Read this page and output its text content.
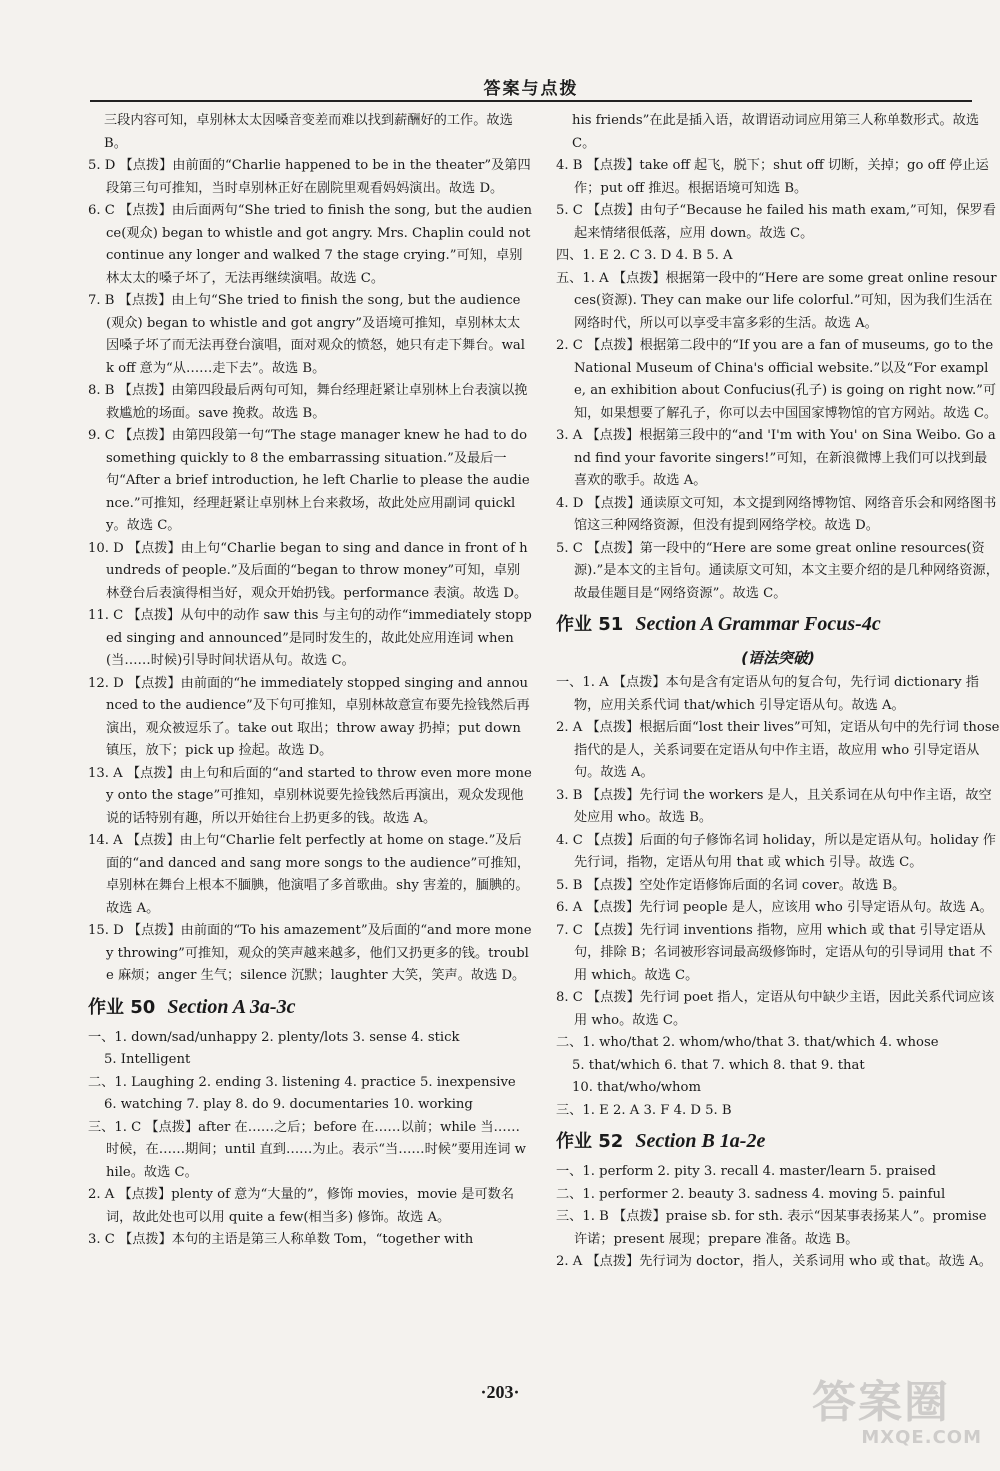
答案与点拨

三段内容可知，卓别林太太因嗓音变差而难以找到薪酬好的工作。故选 B。

5. D 【点拨】由前面的“Charlie happened to be in the theater”及第四段第三句可推知，当时卓别林正好在剧院里观看妈妈演出。故选 D。

6. C 【点拨】由后面两句“She tried to finish the song, but the audience(观众) began to whistle and got angry. Mrs. Chaplin could not continue any longer and walked 7 the stage crying.”可知，卓别林太太的嗓子坏了，无法再继续演唱。故选 C。

7. B 【点拨】由上句“She tried to finish the song, but the audience(观众) began to whistle and got angry”及语境可推知，卓别林太太因嗓子坏了而无法再登台演唱，面对观众的愤怒，她只有走下舞台。walk off 意为“从……走下去”。故选 B。

8. B 【点拨】由第四段最后两句可知，舞台经理赶紧让卓别林上台表演以挽救尴尬的场面。save 挽救。故选 B。

9. C 【点拨】由第四段第一句“The stage manager knew he had to do something quickly to 8 the embarrassing situation.”及最后一句“After a brief introduction, he left Charlie to please the audience.”可推知，经理赶紧让卓别林上台来救场，故此处应用副词 quickly。故选 C。

10. D 【点拨】由上句“Charlie began to sing and dance in front of hundreds of people.”及后面的“began to throw money”可知，卓别林登台后表演得相当好，观众开始扔钱。performance 表演。故选 D。

11. C 【点拨】从句中的动作 saw this 与主句的动作“immediately stopped singing and announced”是同时发生的，故此处应用连词 when(当……时候)引导时间状语从句。故选 C。

12. D 【点拨】由前面的“he immediately stopped singing and announced to the audience”及下句可推知，卓别林故意宣布要先捡钱然后再演出，观众被逗乐了。take out 取出；throw away 扔掉；put down 镇压，放下；pick up 捡起。故选 D。

13. A 【点拨】由上句和后面的“and started to throw even more money onto the stage”可推知，卓别林说要先捡钱然后再演出，观众发现他说的话特别有趣，所以开始往台上扔更多的钱。故选 A。

14. A 【点拨】由上句“Charlie felt perfectly at home on stage.”及后面的“and danced and sang more songs to the audience”可推知，卓别林在舞台上根本不腼腆，他演唱了多首歌曲。shy 害羞的，腼腆的。故选 A。

15. D 【点拨】由前面的“To his amazement”及后面的“and more money throwing”可推知，观众的笑声越来越多，他们又扔更多的钱。trouble 麻烦；anger 生气；silence 沉默；laughter 大笑，笑声。故选 D。

作业 50 Section A 3a-3c

一、1. down/sad/unhappy 2. plenty/lots 3. sense 4. stick

5. Intelligent

二、1. Laughing 2. ending 3. listening 4. practice 5. inexpensive

6. watching 7. play 8. do 9. documentaries 10. working

三、1. C 【点拨】after 在……之后；before 在……以前；while 当……时候，在……期间；until 直到……为止。表示“当……时候”要用连词 while。故选 C。

2. A 【点拨】plenty of 意为“大量的”，修饰 movies，movie 是可数名词，故此处也可以用 quite a few(相当多) 修饰。故选 A。

3. C 【点拨】本句的主语是第三人称单数 Tom，“together with

his friends”在此是插入语，故谓语动词应用第三人称单数形式。故选 C。

4. B 【点拨】take off 起飞，脱下；shut off 切断，关掉；go off 停止运作；put off 推迟。根据语境可知选 B。

5. C 【点拨】由句子“Because he failed his math exam,”可知，保罗看起来情绪很低落，应用 down。故选 C。

四、1. E 2. C 3. D 4. B 5. A

五、1. A 【点拨】根据第一段中的“Here are some great online resources(资源). They can make our life colorful.”可知，因为我们生活在网络时代，所以可以享受丰富多彩的生活。故选 A。

2. C 【点拨】根据第二段中的“If you are a fan of museums, go to the National Museum of China's official website.”以及“For example, an exhibition about Confucius(孔子) is going on right now.”可知，如果想要了解孔子，你可以去中国国家博物馆的官方网站。故选 C。

3. A 【点拨】根据第三段中的“and 'I'm with You' on Sina Weibo. Go and find your favorite singers!”可知，在新浪微博上我们可以找到最喜欢的歌手。故选 A。

4. D 【点拨】通读原文可知，本文提到网络博物馆、网络音乐会和网络图书馆这三种网络资源，但没有提到网络学校。故选 D。

5. C 【点拨】第一段中的“Here are some great online resources(资源).”是本文的主旨句。通读原文可知，本文主要介绍的是几种网络资源，故最佳题目是“网络资源”。故选 C。

作业 51 Section A Grammar Focus-4c
(语法突破)

一、1. A 【点拨】本句是含有定语从句的复合句，先行词 dictionary 指物，应用关系代词 that/which 引导定语从句。故选 A。

2. A 【点拨】根据后面“lost their lives”可知，定语从句中的先行词 those 指代的是人，关系词要在定语从句中作主语，故应用 who 引导定语从句。故选 A。

3. B 【点拨】先行词 the workers 是人，且关系词在从句中作主语，故空处应用 who。故选 B。

4. C 【点拨】后面的句子修饰名词 holiday，所以是定语从句。holiday 作先行词，指物，定语从句用 that 或 which 引导。故选 C。

5. B 【点拨】空处作定语修饰后面的名词 cover。故选 B。

6. A 【点拨】先行词 people 是人，应该用 who 引导定语从句。故选 A。

7. C 【点拨】先行词 inventions 指物，应用 which 或 that 引导定语从句，排除 B；名词被形容词最高级修饰时，定语从句的引导词用 that 不用 which。故选 C。

8. C 【点拨】先行词 poet 指人，定语从句中缺少主语，因此关系代词应该用 who。故选 C。

二、1. who/that 2. whom/who/that 3. that/which 4. whose

5. that/which 6. that 7. which 8. that 9. that

10. that/who/whom

三、1. E 2. A 3. F 4. D 5. B

作业 52 Section B 1a-2e

一、1. perform 2. pity 3. recall 4. master/learn 5. praised

二、1. performer 2. beauty 3. sadness 4. moving 5. painful

三、1. B 【点拨】praise sb. for sth. 表示“因某事表扬某人”。promise 许诺；present 展现；prepare 准备。故选 B。

2. A 【点拨】先行词为 doctor，指人，关系词用 who 或 that。故选 A。

·203·	答案圈
MXQE.COM
